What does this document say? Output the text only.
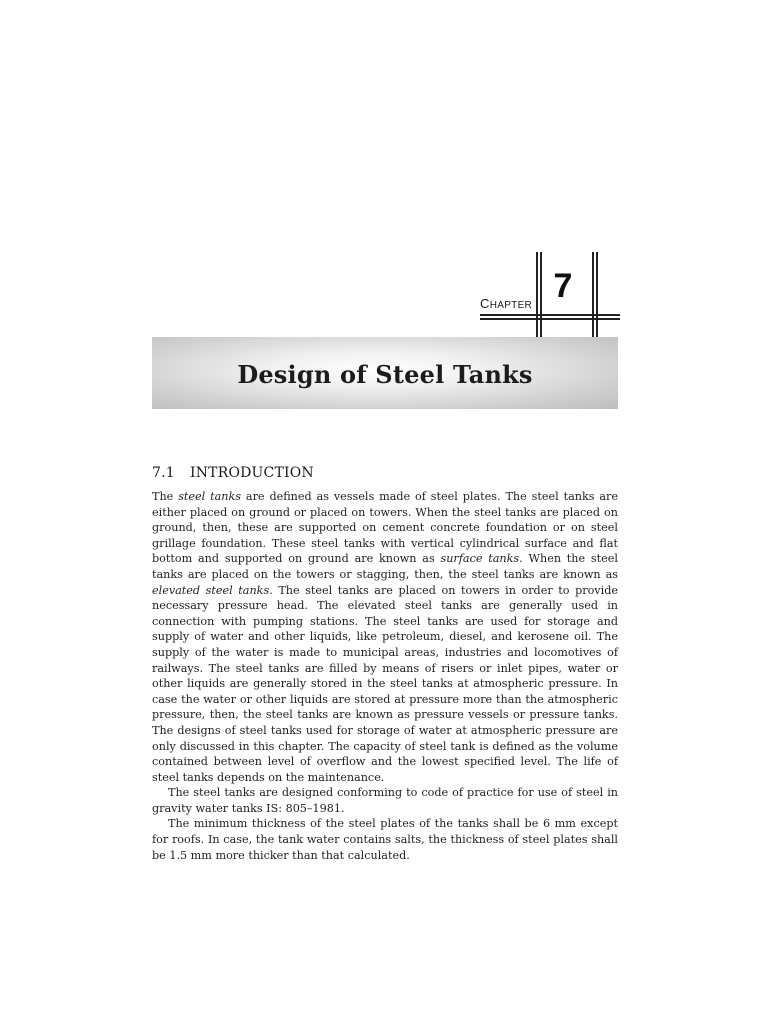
CHAPTER
7
Design of Steel Tanks
7.1 INTRODUCTION

The steel tanks are defined as vessels made of steel plates. The steel tanks are either placed on ground or placed on towers. When the steel tanks are placed on ground, then, these are supported on cement concrete foundation or on steel grillage foundation. These steel tanks with vertical cylindrical surface and flat bottom and supported on ground are known as surface tanks. When the steel tanks are placed on the towers or stagging, then, the steel tanks are known as elevated steel tanks. The steel tanks are placed on towers in order to provide necessary pressure head. The elevated steel tanks are generally used in connection with pumping stations. The steel tanks are used for storage and supply of water and other liquids, like petroleum, diesel, and kerosene oil. The supply of the water is made to municipal areas, industries and locomotives of railways. The steel tanks are filled by means of risers or inlet pipes, water or other liquids are generally stored in the steel tanks at atmospheric pressure. In case the water or other liquids are stored at pressure more than the atmospheric pressure, then, the steel tanks are known as pressure vessels or pressure tanks. The designs of steel tanks used for storage of water at atmospheric pressure are only discussed in this chapter. The capacity of steel tank is defined as the volume contained between level of overflow and the lowest specified level. The life of steel tanks depends on the maintenance.

The steel tanks are designed conforming to code of practice for use of steel in gravity water tanks IS: 805–1981.

The minimum thickness of the steel plates of the tanks shall be 6 mm except for roofs. In case, the tank water contains salts, the thickness of steel plates shall be 1.5 mm more thicker than that calculated.
